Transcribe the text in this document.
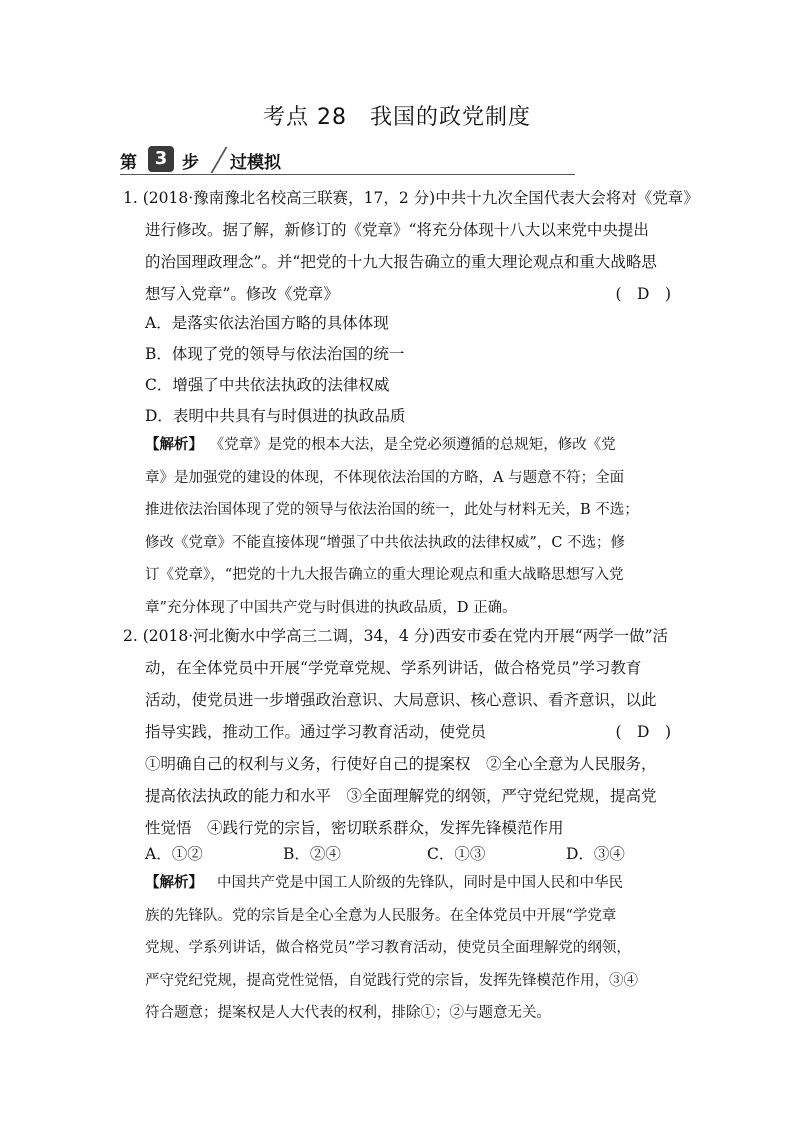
考点 28　我国的政党制度
第 3 步 过模拟
1. (2018·豫南豫北名校高三联赛，17，2 分)中共十九次全国代表大会将对《党章》
进行修改。据了解，新修订的《党章》“将充分体现十八大以来党中央提出
的治国理政理念”。并“把党的十九大报告确立的重大理论观点和重大战略思
想写入党章”。修改《党章》	(　D　)
A．是落实依法治国方略的具体体现
B．体现了党的领导与依法治国的统一
C．增强了中共依法执政的法律权威
D．表明中共具有与时俱进的执政品质
【解析】 《党章》是党的根本大法，是全党必须遵循的总规矩，修改《党
章》是加强党的建设的体现，不体现依法治国的方略，A 与题意不符；全面
推进依法治国体现了党的领导与依法治国的统一，此处与材料无关，B 不选；
修改《党章》不能直接体现“增强了中共依法执政的法律权威”，C 不选；修
订《党章》，“把党的十九大报告确立的重大理论观点和重大战略思想写入党
章”充分体现了中国共产党与时俱进的执政品质，D 正确。
2. (2018·河北衡水中学高三二调，34，4 分)西安市委在党内开展“两学一做”活
动，在全体党员中开展“学党章党规、学系列讲话，做合格党员”学习教育
活动，使党员进一步增强政治意识、大局意识、核心意识、看齐意识，以此
指导实践，推动工作。通过学习教育活动，使党员	(　D　)
①明确自己的权利与义务，行使好自己的提案权　②全心全意为人民服务，
提高依法执政的能力和水平　③全面理解党的纲领，严守党纪党规，提高党
性觉悟　④践行党的宗旨，密切联系群众，发挥先锋模范作用
A．①②	B．②④	C．①③	D．③④
【解析】 中国共产党是中国工人阶级的先锋队，同时是中国人民和中华民
族的先锋队。党的宗旨是全心全意为人民服务。在全体党员中开展“学党章
党规、学系列讲话，做合格党员”学习教育活动，使党员全面理解党的纲领，
严守党纪党规，提高党性觉悟，自觉践行党的宗旨，发挥先锋模范作用，③④
符合题意；提案权是人大代表的权利，排除①；②与题意无关。
